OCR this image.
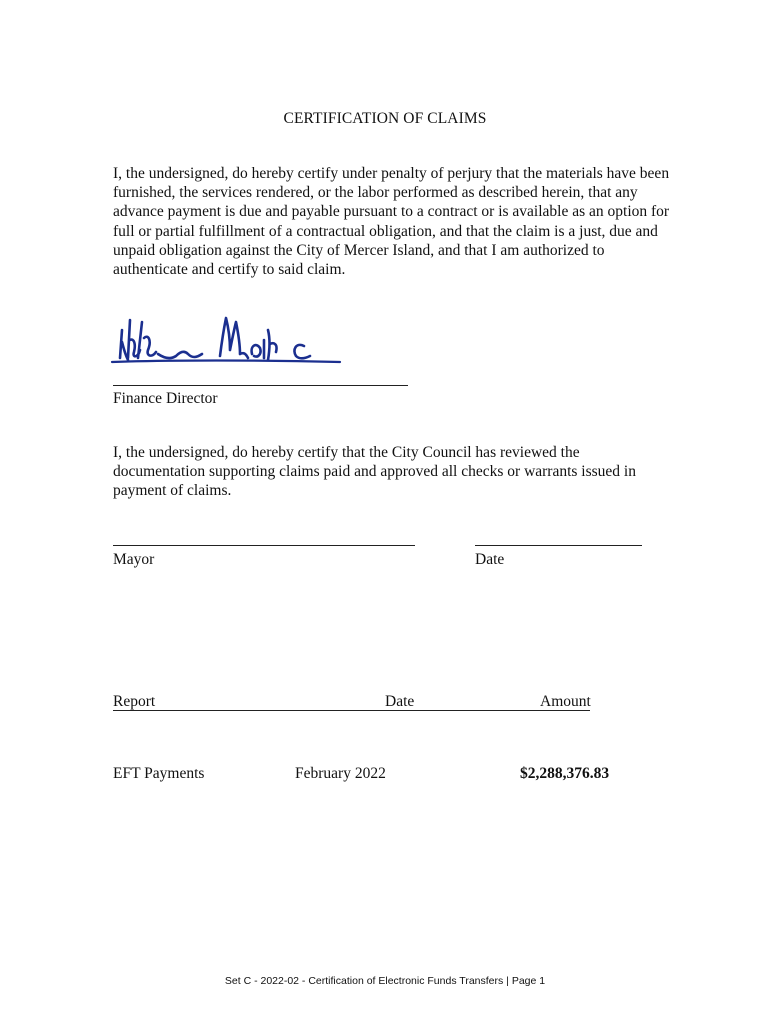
CERTIFICATION OF CLAIMS
I, the undersigned, do hereby certify under penalty of perjury that the materials have been furnished, the services rendered, or the labor performed as described herein, that any advance payment is due and payable pursuant to a contract or is available as an option for full or partial fulfillment of a contractual obligation, and that the claim is a just, due and unpaid obligation against the City of Mercer Island, and that I am authorized to authenticate and certify to said claim.
Finance Director
I, the undersigned, do hereby certify that the City Council has reviewed the documentation supporting claims paid and approved all checks or warrants issued in payment of claims.
Mayor	Date
Report	Date	Amount
EFT Payments	February 2022	$2,288,376.83
Set C - 2022-02 - Certification of Electronic Funds Transfers | Page 1
